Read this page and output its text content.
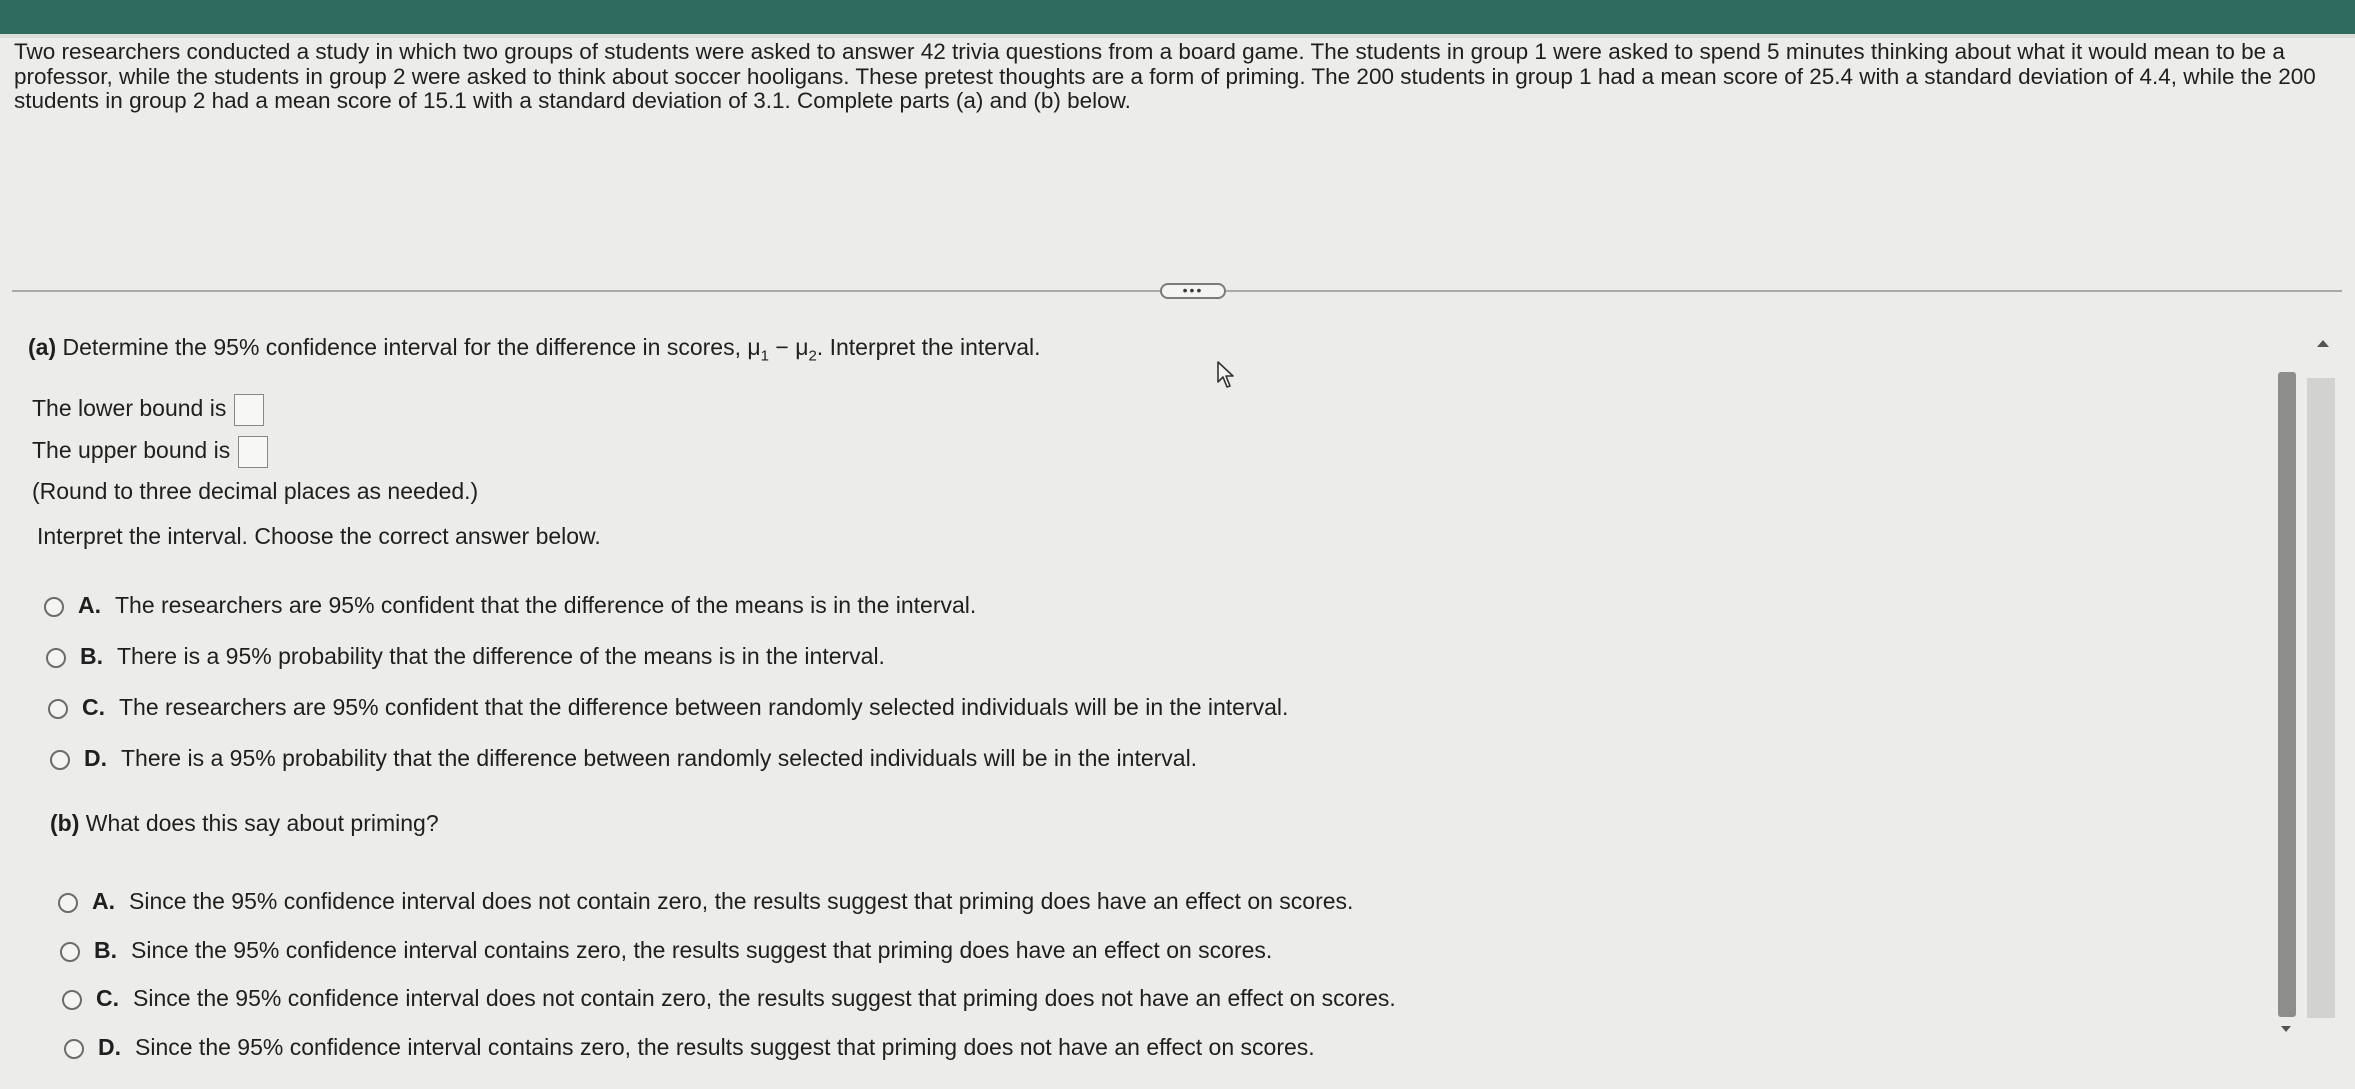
Two researchers conducted a study in which two groups of students were asked to answer 42 trivia questions from a board game. The students in group 1 were asked to spend 5 minutes thinking about what it would mean to be a professor, while the students in group 2 were asked to think about soccer hooligans. These pretest thoughts are a form of priming. The 200 students in group 1 had a mean score of 25.4 with a standard deviation of 4.4, while the 200 students in group 2 had a mean score of 15.1 with a standard deviation of 3.1. Complete parts (a) and (b) below.

•••
(a) Determine the 95% confidence interval for the difference in scores, $\mu_1 - \mu_2$. Interpret the interval.
The lower bound is
The upper bound is
(Round to three decimal places as needed.)
Interpret the interval. Choose the correct answer below.
A. The researchers are 95% confident that the difference of the means is in the interval.
B. There is a 95% probability that the difference of the means is in the interval.
C. The researchers are 95% confident that the difference between randomly selected individuals will be in the interval.
D. There is a 95% probability that the difference between randomly selected individuals will be in the interval.
(b) What does this say about priming?
A. Since the 95% confidence interval does not contain zero, the results suggest that priming does have an effect on scores.
B. Since the 95% confidence interval contains zero, the results suggest that priming does have an effect on scores.
C. Since the 95% confidence interval does not contain zero, the results suggest that priming does not have an effect on scores.
D. Since the 95% confidence interval contains zero, the results suggest that priming does not have an effect on scores.
